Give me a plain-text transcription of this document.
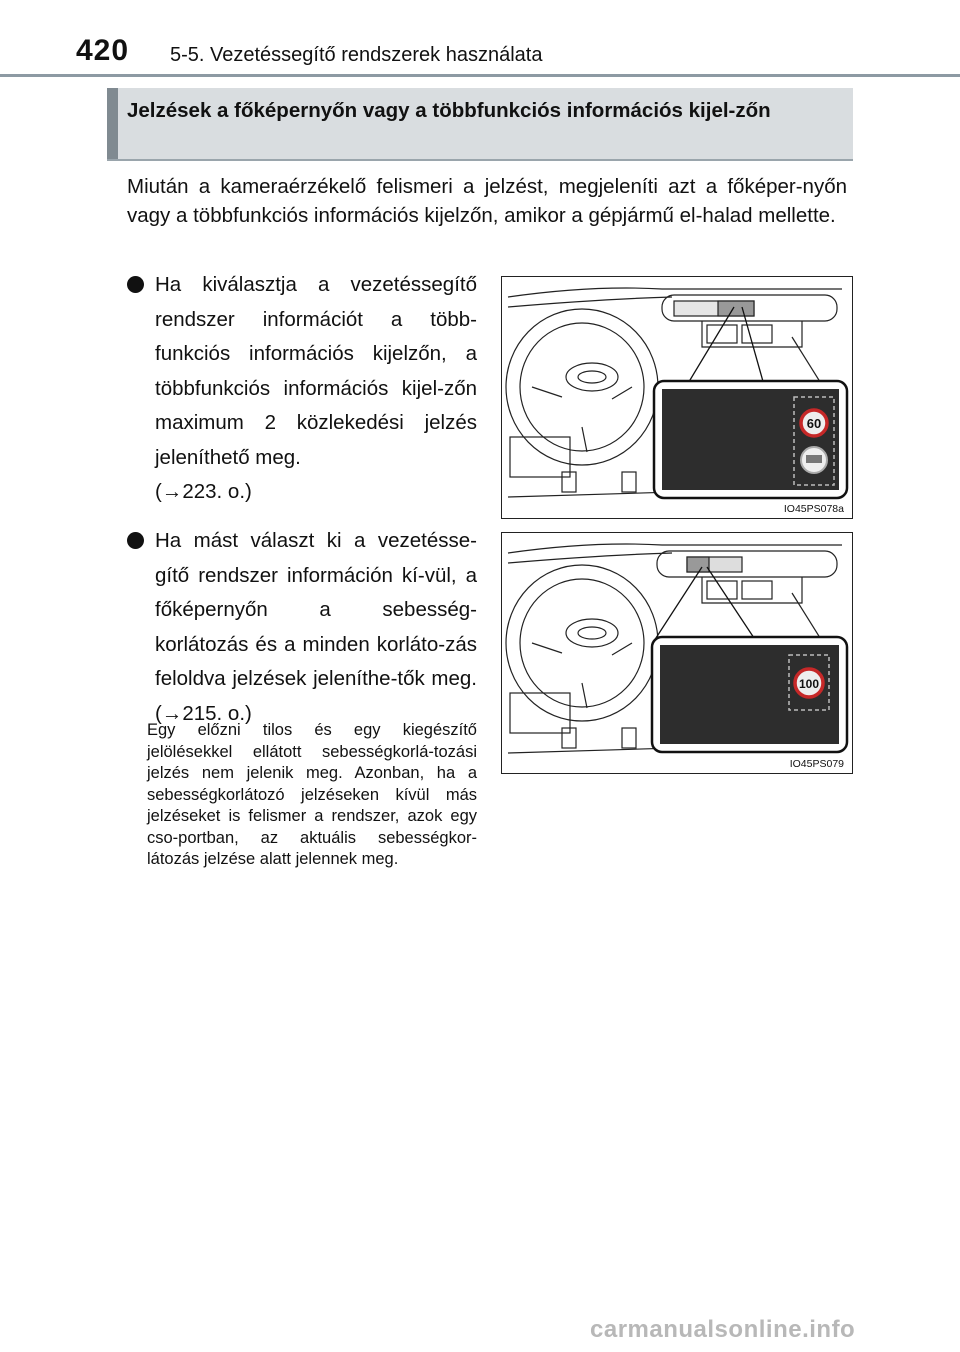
420 5-5. Vezetéssegítő rendszerek használata
Jelzések a főképernyőn vagy a többfunkciós információs kijel-zőn
Miután a kameraérzékelő felismeri a jelzést, megjeleníti azt a főképer-nyőn vagy a többfunkciós információs kijelzőn, amikor a gépjármű el-halad mellette.
Ha kiválasztja a vezetéssegítő rendszer információt a több-funkciós információs kijelzőn, a többfunkciós információs kijel-zőn maximum 2 közlekedési jelzés jeleníthető meg.
(→223. o.)
Ha mást választ ki a vezetésse-gítő rendszer információn kí-vül, a főképernyőn a sebesség-korlátozás és a minden korláto-zás feloldva jelzések jeleníthe-tők meg. (→215. o.)
Egy előzni tilos és egy kiegészítő jelölésekkel ellátott sebességkorlá-tozási jelzés nem jelenik meg. Azonban, ha a sebességkorlátozó jelzéseken kívül más jelzéseket is felismer a rendszer, azok egy cso-portban, az aktuális sebességkor-látozás jelzése alatt jelennek meg.
60
IO45PS078a
100
IO45PS079
carmanualsonline.info
